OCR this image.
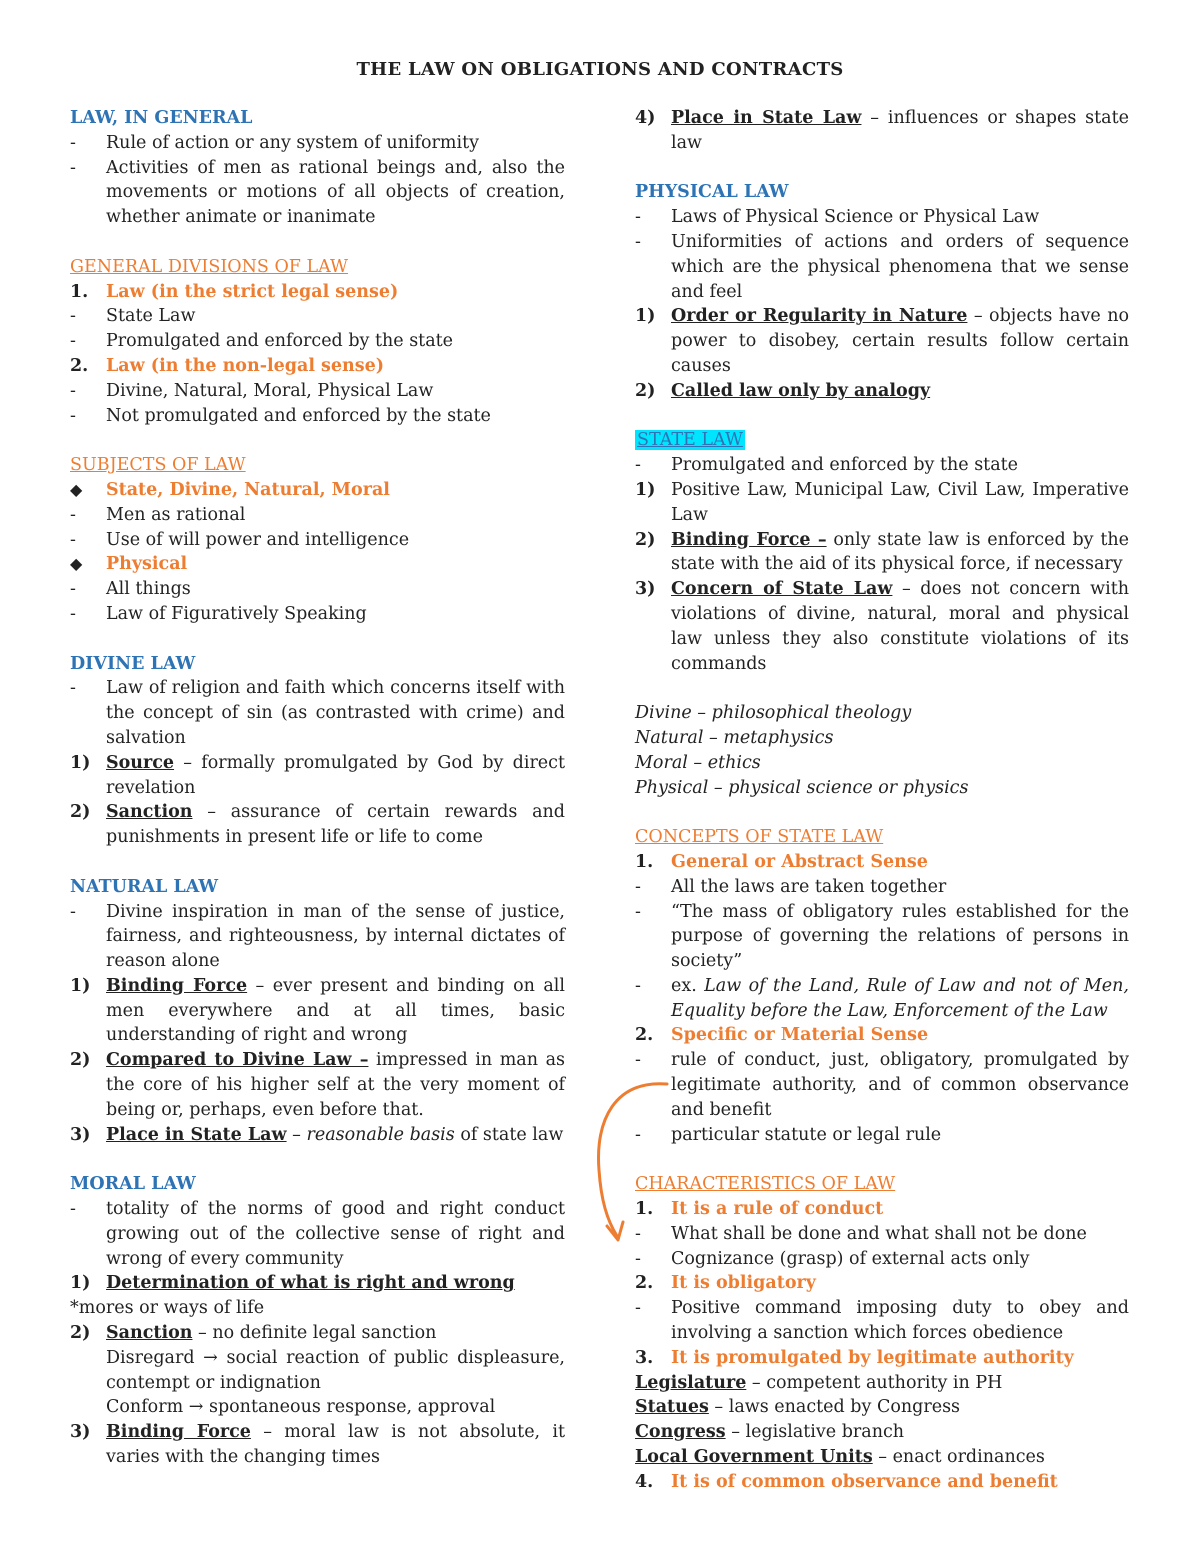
THE LAW ON OBLIGATIONS AND CONTRACTS

LAW, IN GENERAL

-	Rule of action or any system of uniformity
-	Activities of men as rational beings and, also the movements or motions of all objects of creation, whether animate or inanimate

GENERAL DIVISIONS OF LAW

1.	Law (in the strict legal sense)
-	State Law
-	Promulgated and enforced by the state
2.	Law (in the non-legal sense)
-	Divine, Natural, Moral, Physical Law
-	Not promulgated and enforced by the state

SUBJECTS OF LAW

◆	State, Divine, Natural, Moral
-	Men as rational
-	Use of will power and intelligence
◆	Physical
-	All things
-	Law of Figuratively Speaking

DIVINE LAW

-	Law of religion and faith which concerns itself with the concept of sin (as contrasted with crime) and salvation
1) Source – formally promulgated by God by direct revelation
2) Sanction – assurance of certain rewards and punishments in present life or life to come

NATURAL LAW

-	Divine inspiration in man of the sense of justice, fairness, and righteousness, by internal dictates of reason alone
1) Binding Force – ever present and binding on all men everywhere and at all times, basic understanding of right and wrong
2) Compared to Divine Law – impressed in man as the core of his higher self at the very moment of being or, perhaps, even before that.
3) Place in State Law – reasonable basis of state law

MORAL LAW

-	totality of the norms of good and right conduct growing out of the collective sense of right and wrong of every community
1) Determination of what is right and wrong

*mores or ways of life

2) Sanction – no definite legal sanction
Disregard → social reaction of public displeasure, contempt or indignation
Conform → spontaneous response, approval
3) Binding Force – moral law is not absolute, it varies with the changing times
4) Place in State Law – influences or shapes state law

PHYSICAL LAW

-	Laws of Physical Science or Physical Law
-	Uniformities of actions and orders of sequence which are the physical phenomena that we sense and feel
1) Order or Regularity in Nature – objects have no power to disobey, certain results follow certain causes
2) Called law only by analogy

STATE LAW

-	Promulgated and enforced by the state
1) Positive Law, Municipal Law, Civil Law, Imperative Law
2) Binding Force – only state law is enforced by the state with the aid of its physical force, if necessary
3) Concern of State Law – does not concern with violations of divine, natural, moral and physical law unless they also constitute violations of its commands

Divine – philosophical theology

Natural – metaphysics

Moral – ethics

Physical – physical science or physics

CONCEPTS OF STATE LAW

1.	General or Abstract Sense
-	All the laws are taken together
-	“The mass of obligatory rules established for the purpose of governing the relations of persons in society”
-	ex. Law of the Land, Rule of Law and not of Men, Equality before the Law, Enforcement of the Law
2.	Specific or Material Sense
-	rule of conduct, just, obligatory, promulgated by legitimate authority, and of common observance and benefit
-	particular statute or legal rule

CHARACTERISTICS OF LAW

1.	It is a rule of conduct
-	What shall be done and what shall not be done
-	Cognizance (grasp) of external acts only
2.	It is obligatory
-	Positive command imposing duty to obey and involving a sanction which forces obedience
3.	It is promulgated by legitimate authority

Legislature – competent authority in PH

Statues – laws enacted by Congress

Congress – legislative branch

Local Government Units – enact ordinances

4.	It is of common observance and benefit
